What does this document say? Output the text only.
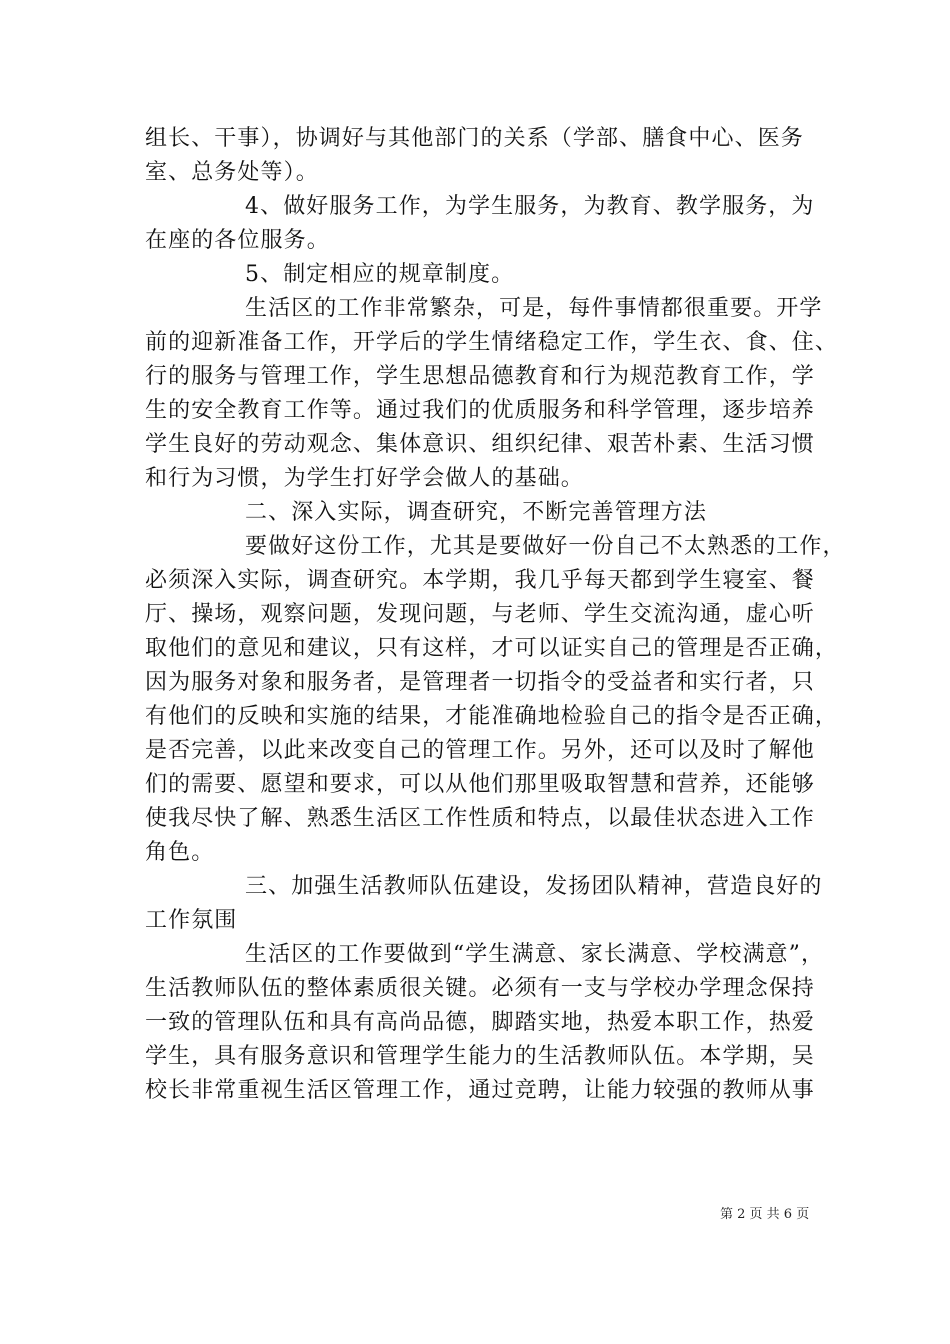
组长、干事），协调好与其他部门的关系（学部、膳食中心、医务
室、总务处等）。
4、做好服务工作，为学生服务，为教育、教学服务，为
在座的各位服务。
5、制定相应的规章制度。
生活区的工作非常繁杂，可是，每件事情都很重要。开学
前的迎新准备工作，开学后的学生情绪稳定工作，学生衣、食、住、
行的服务与管理工作，学生思想品德教育和行为规范教育工作，学
生的安全教育工作等。通过我们的优质服务和科学管理，逐步培养
学生良好的劳动观念、集体意识、组织纪律、艰苦朴素、生活习惯
和行为习惯，为学生打好学会做人的基础。
二、深入实际，调查研究，不断完善管理方法
要做好这份工作，尤其是要做好一份自己不太熟悉的工作，
必须深入实际，调查研究。本学期，我几乎每天都到学生寝室、餐
厅、操场，观察问题，发现问题，与老师、学生交流沟通，虚心听
取他们的意见和建议，只有这样，才可以证实自己的管理是否正确，
因为服务对象和服务者，是管理者一切指令的受益者和实行者，只
有他们的反映和实施的结果，才能准确地检验自己的指令是否正确，
是否完善，以此来改变自己的管理工作。另外，还可以及时了解他
们的需要、愿望和要求，可以从他们那里吸取智慧和营养，还能够
使我尽快了解、熟悉生活区工作性质和特点，以最佳状态进入工作
角色。
三、加强生活教师队伍建设，发扬团队精神，营造良好的
工作氛围
生活区的工作要做到“学生满意、家长满意、学校满意”，
生活教师队伍的整体素质很关键。必须有一支与学校办学理念保持
一致的管理队伍和具有高尚品德，脚踏实地，热爱本职工作，热爱
学生，具有服务意识和管理学生能力的生活教师队伍。本学期，吴
校长非常重视生活区管理工作，通过竞聘，让能力较强的教师从事
第 2 页 共 6 页
